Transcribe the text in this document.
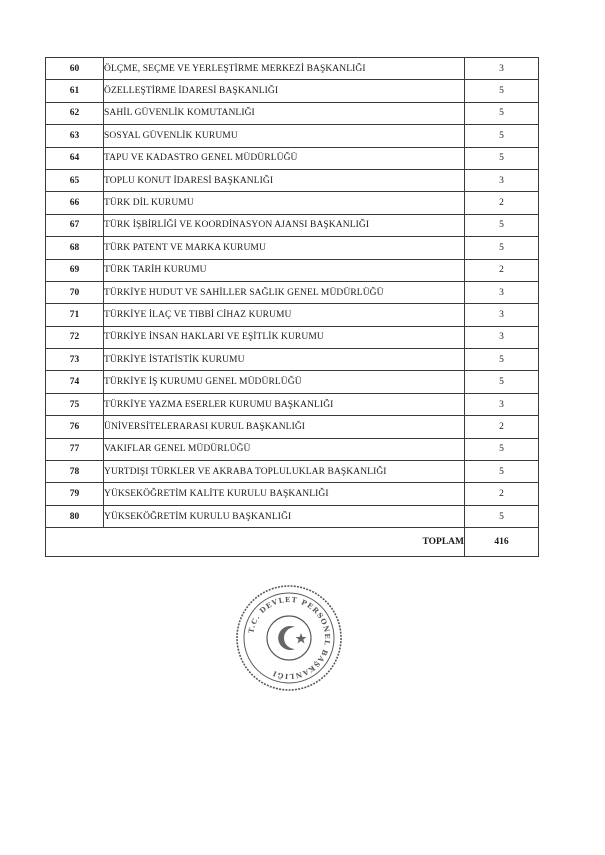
60	ÖLÇME, SEÇME VE YERLEŞTİRME MERKEZİ BAŞKANLIĞI	3
61	ÖZELLEŞTİRME İDARESİ BAŞKANLIĞI	5
62	SAHİL GÜVENLİK KOMUTANLIĞI	5
63	SOSYAL GÜVENLİK KURUMU	5
64	TAPU VE KADASTRO GENEL MÜDÜRLÜĞÜ	5
65	TOPLU KONUT İDARESİ BAŞKANLIĞI	3
66	TÜRK DİL KURUMU	2
67	TÜRK İŞBİRLİĞİ VE KOORDİNASYON AJANSI BAŞKANLIĞI	5
68	TÜRK PATENT VE MARKA KURUMU	5
69	TÜRK TARİH KURUMU	2
70	TÜRKİYE HUDUT VE SAHİLLER SAĞLIK GENEL MÜDÜRLÜĞÜ	3
71	TÜRKİYE İLAÇ VE TIBBİ CİHAZ KURUMU	3
72	TÜRKİYE İNSAN HAKLARI VE EŞİTLİK KURUMU	3
73	TÜRKİYE İSTATİSTİK KURUMU	5
74	TÜRKİYE İŞ KURUMU GENEL MÜDÜRLÜĞÜ	5
75	TÜRKİYE YAZMA ESERLER KURUMU BAŞKANLIĞI	3
76	ÜNİVERSİTELERARASI KURUL BAŞKANLIĞI	2
77	VAKIFLAR GENEL MÜDÜRLÜĞÜ	5
78	YURTDIŞI TÜRKLER VE AKRABA TOPLULUKLAR BAŞKANLIĞI	5
79	YÜKSEKÖĞRETİM KALİTE KURULU BAŞKANLIĞI	2
80	YÜKSEKÖĞRETİM KURULU BAŞKANLIĞI	5
TOPLAM		416
T.C. DEVLET PERSONEL BAŞKANLIĞI
